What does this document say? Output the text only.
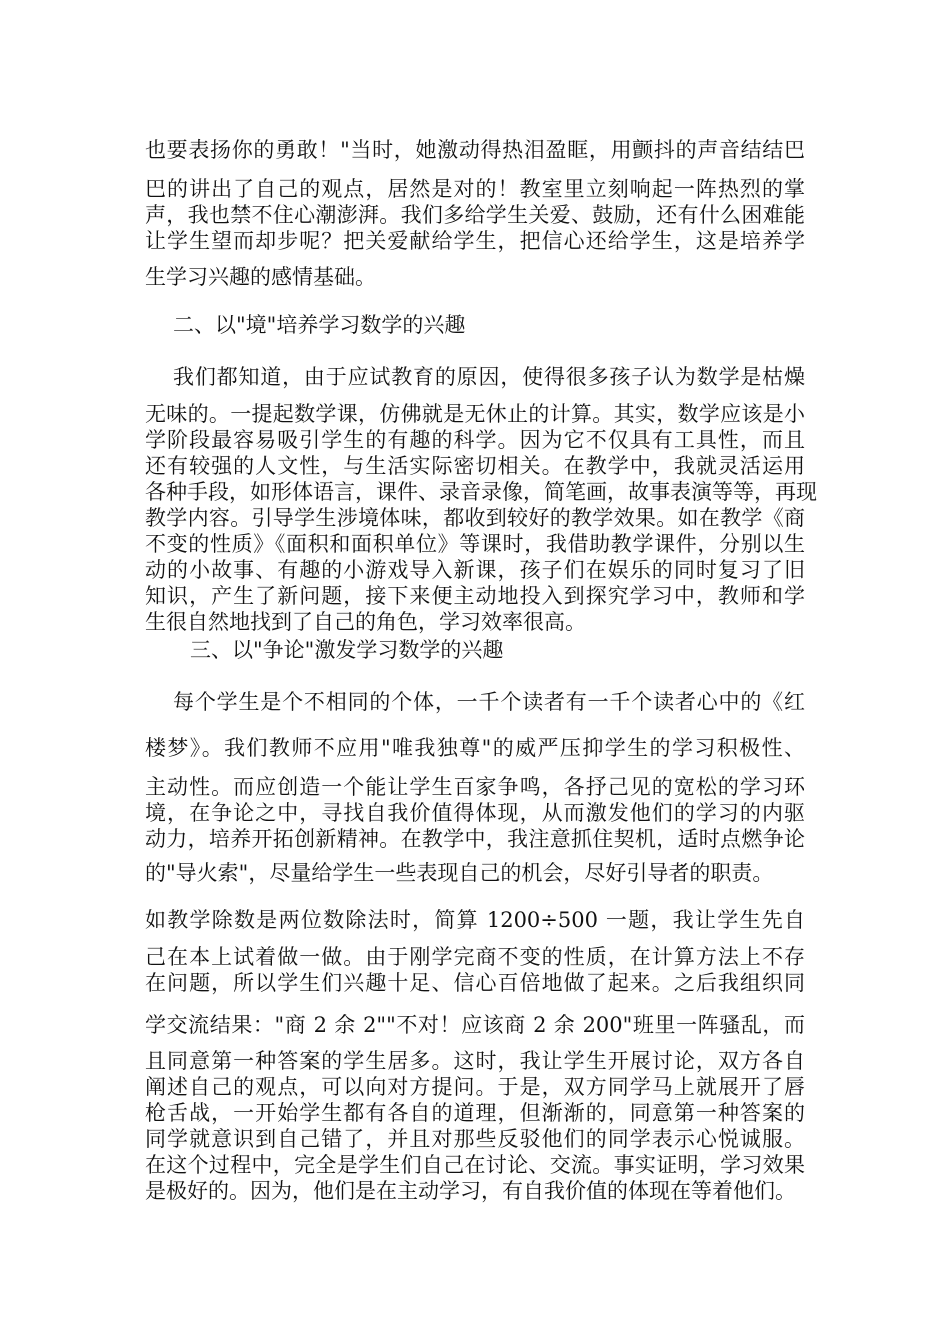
也要表扬你的勇敢！"当时，她激动得热泪盈眶，用颤抖的声音结结巴
巴的讲出了自己的观点，居然是对的！教室里立刻响起一阵热烈的掌
声，我也禁不住心潮澎湃。我们多给学生关爱、鼓励，还有什么困难能
让学生望而却步呢？把关爱献给学生，把信心还给学生，这是培养学
生学习兴趣的感情基础。
二、以"境"培养学习数学的兴趣
我们都知道，由于应试教育的原因，使得很多孩子认为数学是枯燥
无味的。一提起数学课，仿佛就是无休止的计算。其实，数学应该是小
学阶段最容易吸引学生的有趣的科学。因为它不仅具有工具性，而且
还有较强的人文性，与生活实际密切相关。在教学中，我就灵活运用
各种手段，如形体语言，课件、录音录像，简笔画，故事表演等等，再现
教学内容。引导学生涉境体味，都收到较好的教学效果。如在教学《商
不变的性质》《面积和面积单位》等课时，我借助教学课件，分别以生
动的小故事、有趣的小游戏导入新课，孩子们在娱乐的同时复习了旧
知识，产生了新问题，接下来便主动地投入到探究学习中，教师和学
生很自然地找到了自己的角色，学习效率很高。
三、以"争论"激发学习数学的兴趣
每个学生是个不相同的个体，一千个读者有一千个读者心中的《红
楼梦》。我们教师不应用"唯我独尊"的威严压抑学生的学习积极性、
主动性。而应创造一个能让学生百家争鸣，各抒己见的宽松的学习环
境，在争论之中，寻找自我价值得体现，从而激发他们的学习的内驱
动力，培养开拓创新精神。在教学中，我注意抓住契机，适时点燃争论
的"导火索"，尽量给学生一些表现自己的机会，尽好引导者的职责。
如教学除数是两位数除法时，简算 1200÷500 一题，我让学生先自
己在本上试着做一做。由于刚学完商不变的性质，在计算方法上不存
在问题，所以学生们兴趣十足、信心百倍地做了起来。之后我组织同
学交流结果："商 2 余 2""不对！应该商 2 余 200"班里一阵骚乱，而
且同意第一种答案的学生居多。这时，我让学生开展讨论，双方各自
阐述自己的观点，可以向对方提问。于是，双方同学马上就展开了唇
枪舌战，一开始学生都有各自的道理，但渐渐的，同意第一种答案的
同学就意识到自己错了，并且对那些反驳他们的同学表示心悦诚服。
在这个过程中，完全是学生们自己在讨论、交流。事实证明，学习效果
是极好的。因为，他们是在主动学习，有自我价值的体现在等着他们。
